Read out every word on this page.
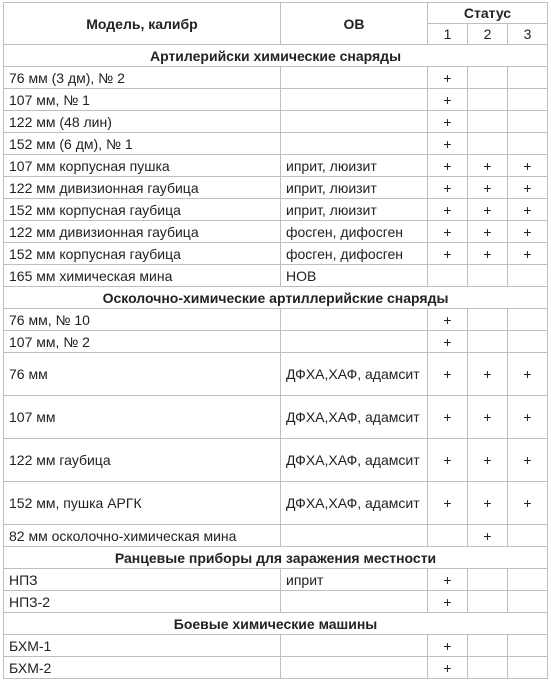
Модель, калибр	ОВ	Статус		
		1	2	3
Артилерийски химические снаряды				
76 мм (3 дм), № 2		+		
107 мм, № 1		+		
122 мм (48 лин)		+		
152 мм (6 дм), № 1		+		
107 мм корпусная пушка	иприт, люизит	+	+	+
122 мм дивизионная гаубица	иприт, люизит	+	+	+
152 мм корпусная гаубица	иприт, люизит	+	+	+
122 мм дивизионная гаубица	фосген, дифосген	+	+	+
152 мм корпусная гаубица	фосген, дифосген	+	+	+
165 мм химическая мина	НОВ			
Осколочно-химические артиллерийские снаряды				
76 мм, № 10		+		
107 мм, № 2		+		
76 мм	ДФХА,ХАФ, адамсит	+	+	+
107 мм	ДФХА,ХАФ, адамсит	+	+	+
122 мм гаубица	ДФХА,ХАФ, адамсит	+	+	+
152 мм, пушка АРГК	ДФХА,ХАФ, адамсит	+	+	+
82 мм осколочно-химическая мина			+	
Ранцевые приборы для заражения местности				
НПЗ	иприт	+		
НПЗ-2		+		
Боевые химические машины				
БХМ-1		+		
БХМ-2		+		
